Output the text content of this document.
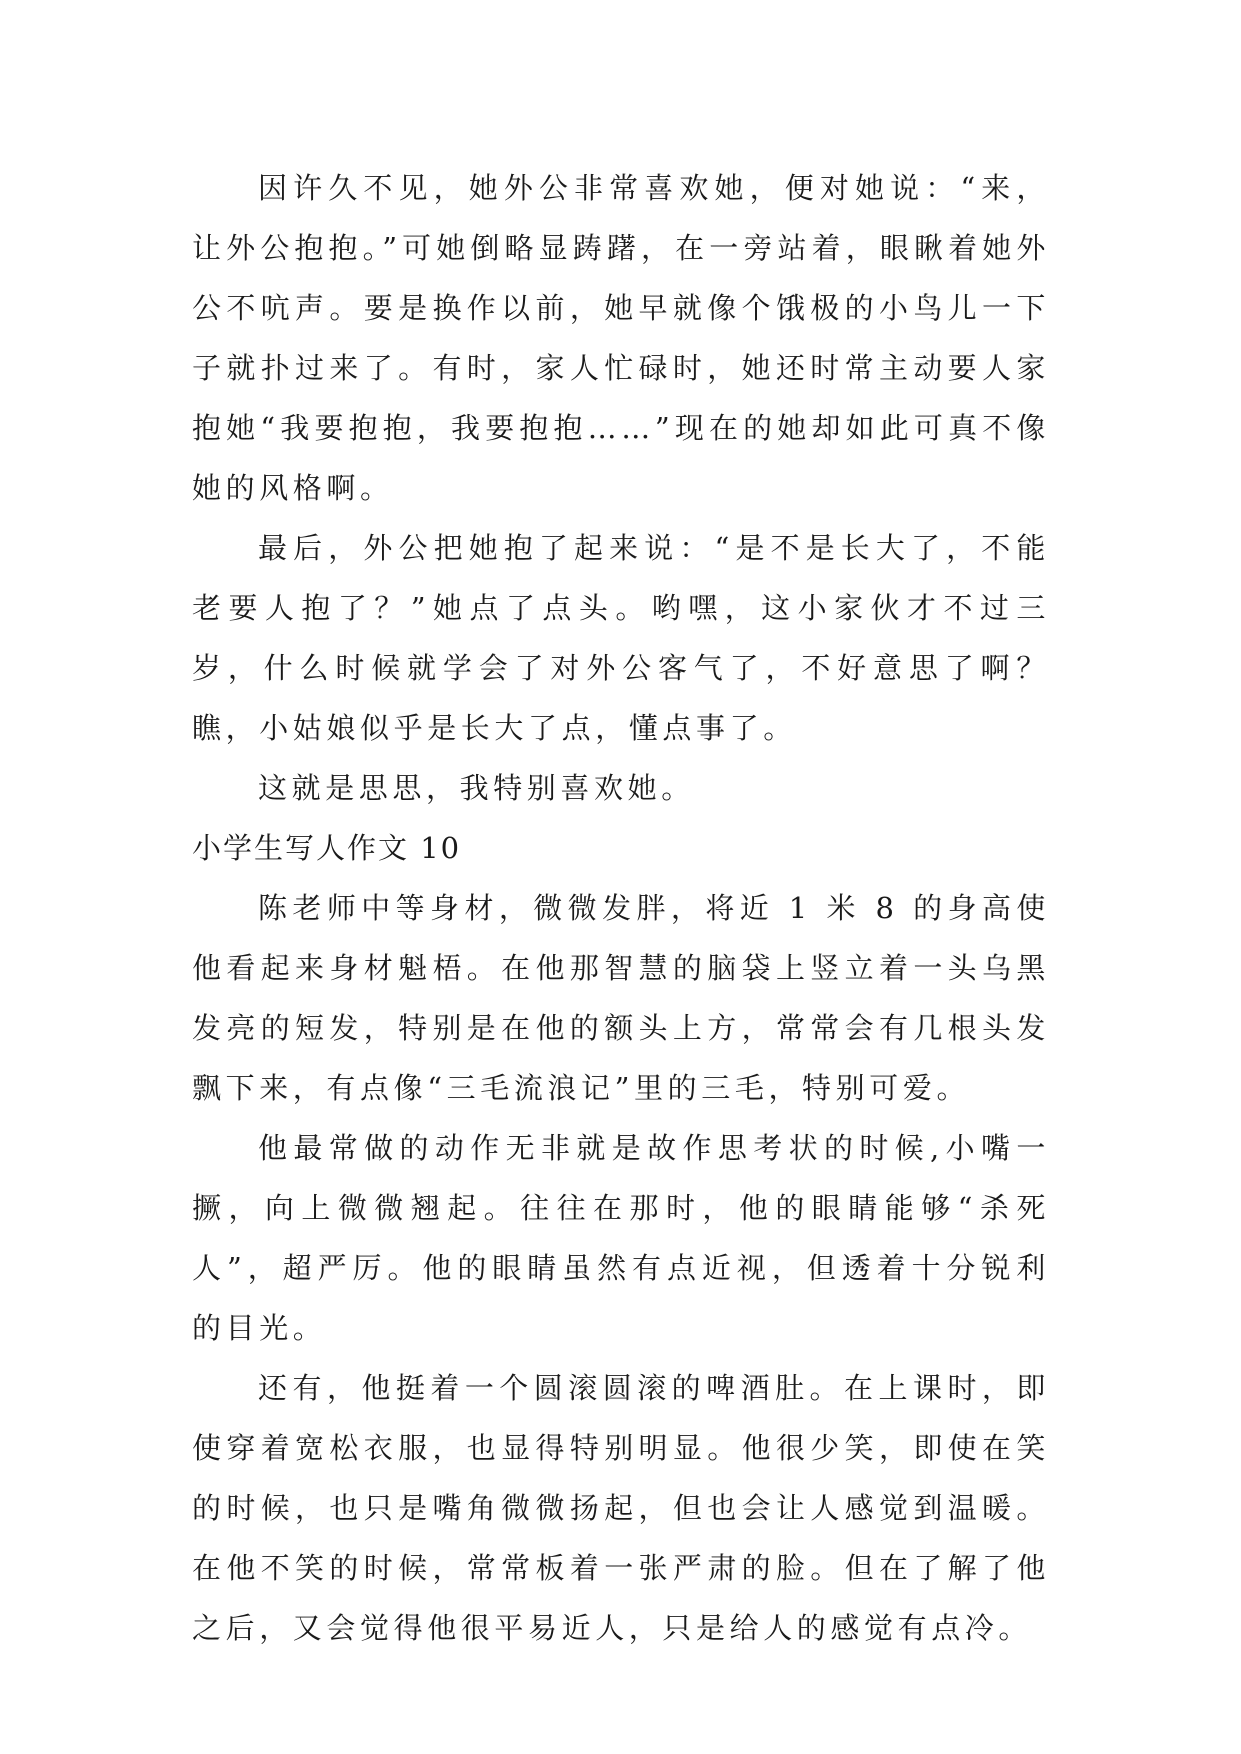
因许久不见，她外公非常喜欢她，便对她说：“来，让外公抱抱。”可她倒略显踌躇，在一旁站着，眼瞅着她外公不吭声。要是换作以前，她早就像个饿极的小鸟儿一下子就扑过来了。有时，家人忙碌时，她还时常主动要人家抱她“我要抱抱，我要抱抱……”现在的她却如此可真不像她的风格啊。

最后，外公把她抱了起来说：“是不是长大了，不能老要人抱了？”她点了点头。哟嘿，这小家伙才不过三岁，什么时候就学会了对外公客气了，不好意思了啊？瞧，小姑娘似乎是长大了点，懂点事了。

这就是思思，我特别喜欢她。

小学生写人作文 10

陈老师中等身材，微微发胖，将近 1 米 8 的身高使他看起来身材魁梧。在他那智慧的脑袋上竖立着一头乌黑发亮的短发，特别是在他的额头上方，常常会有几根头发飘下来，有点像“三毛流浪记”里的三毛，特别可爱。

他最常做的动作无非就是故作思考状的时候,小嘴一撅，向上微微翘起。往往在那时，他的眼睛能够“杀死人”，超严厉。他的眼睛虽然有点近视，但透着十分锐利的目光。

还有，他挺着一个圆滚圆滚的啤酒肚。在上课时，即使穿着宽松衣服，也显得特别明显。他很少笑，即使在笑的时候，也只是嘴角微微扬起，但也会让人感觉到温暖。在他不笑的时候，常常板着一张严肃的脸。但在了解了他之后，又会觉得他很平易近人，只是给人的感觉有点冷。
